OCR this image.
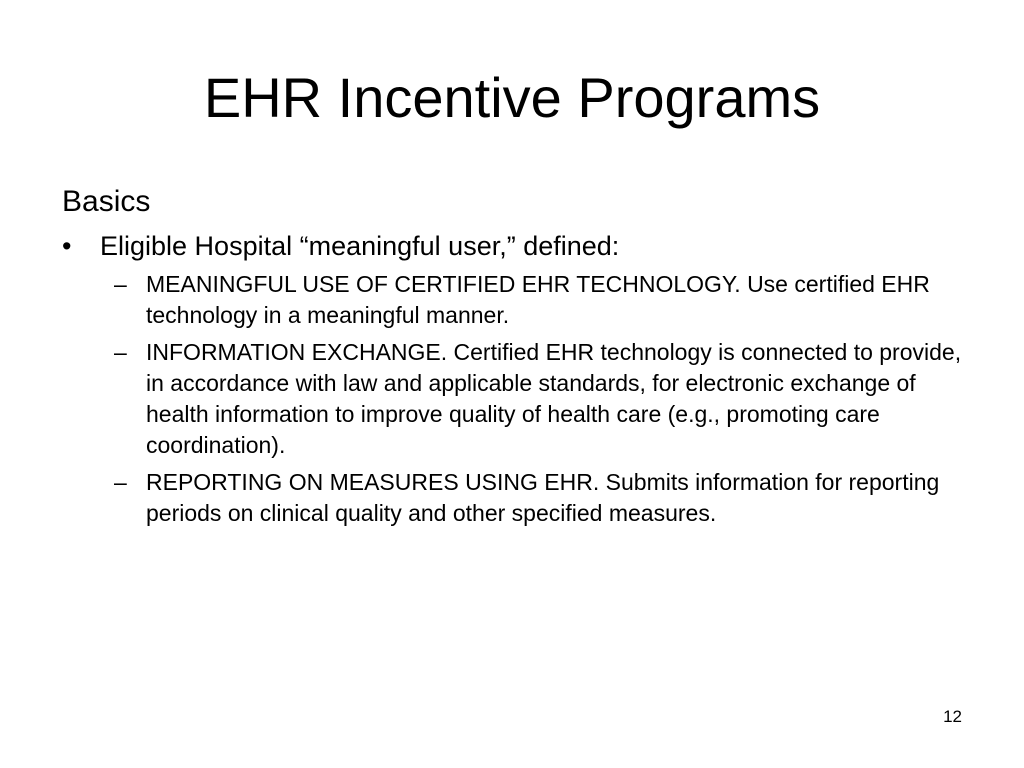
EHR Incentive Programs
Basics
• Eligible Hospital “meaningful user,” defined:
– MEANINGFUL USE OF CERTIFIED EHR TECHNOLOGY. Use certified EHR technology in a meaningful manner.
– INFORMATION EXCHANGE. Certified EHR technology is connected to provide, in accordance with law and applicable standards, for electronic exchange of health information to improve quality of health care (e.g., promoting care coordination).
– REPORTING ON MEASURES USING EHR. Submits information for reporting periods on clinical quality and other specified measures.
12
